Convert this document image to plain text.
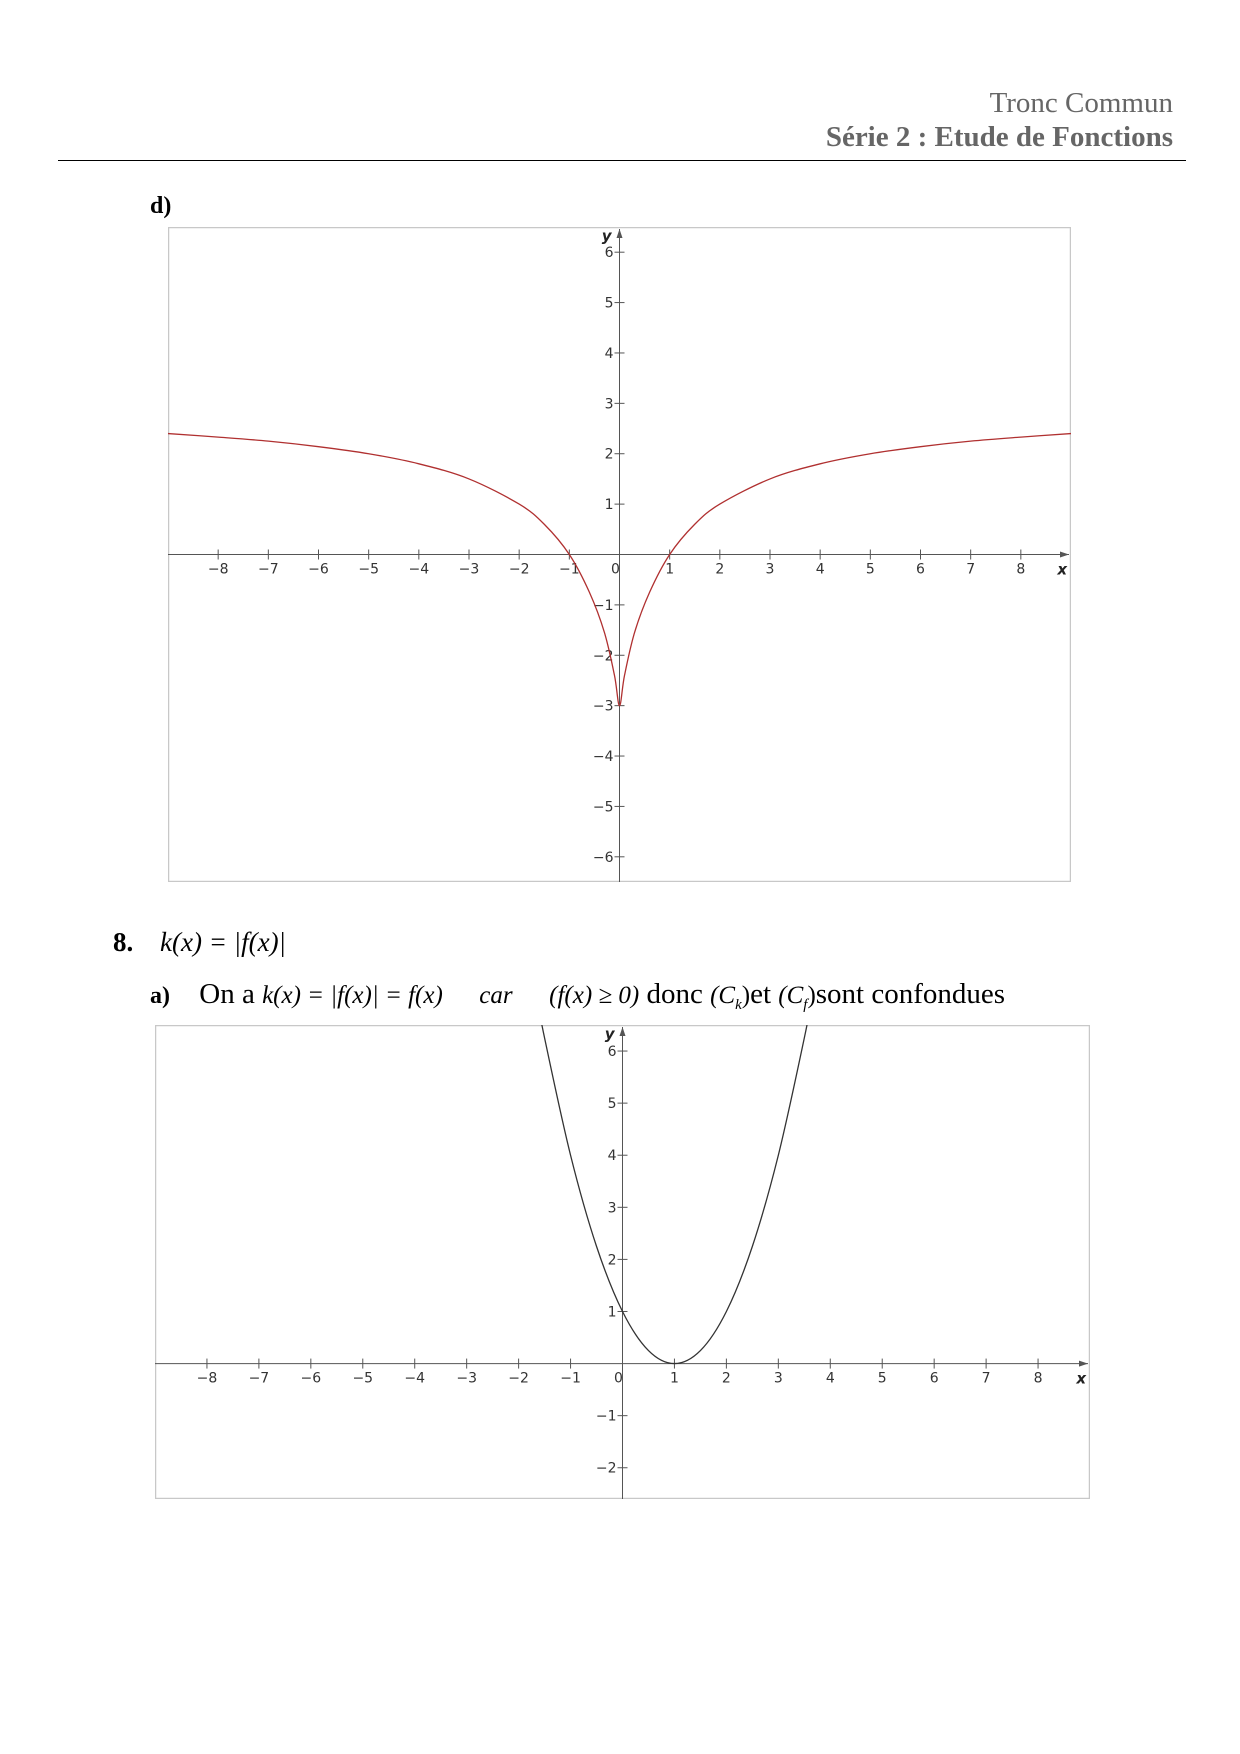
Tronc Commun
Série 2 : Etude de Fonctions
d)
−8 −7 −6 −5 −4 −3 −2 −1 0	1	2	3	4	5	6	7	8
−6
−5
−4
−3
−2
−1
1
2
3
4
5
6
x
y
8. k(x) = |f(x)|
a) On a k(x) = |f(x)| = f(x) car (f(x) ≥ 0) donc $(C_k)et$ $(C_f)sont$ confondues
−8 −7 −6 −5 −4 −3 −2 −1 0	1	2	3	4	5	6	7	8
−2
−1
1
2
3
4
5
6
x
y
